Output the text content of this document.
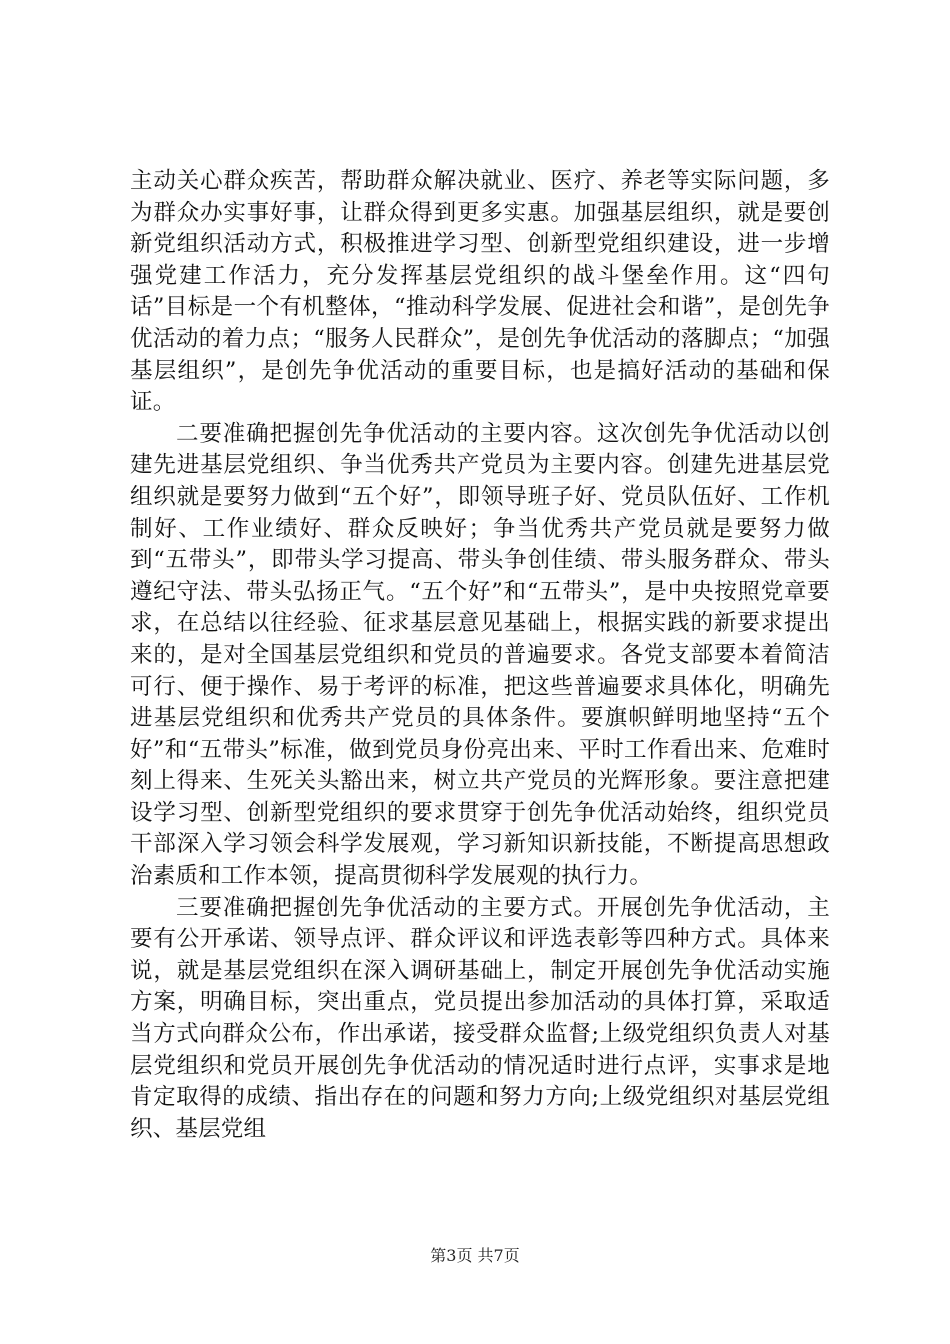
主动关心群众疾苦，帮助群众解决就业、医疗、养老等实际问题，多为群众办实事好事，让群众得到更多实惠。加强基层组织，就是要创新党组织活动方式，积极推进学习型、创新型党组织建设，进一步增强党建工作活力，充分发挥基层党组织的战斗堡垒作用。这“四句话”目标是一个有机整体，“推动科学发展、促进社会和谐”，是创先争优活动的着力点；“服务人民群众”，是创先争优活动的落脚点；“加强基层组织”，是创先争优活动的重要目标，也是搞好活动的基础和保证。

二要准确把握创先争优活动的主要内容。这次创先争优活动以创建先进基层党组织、争当优秀共产党员为主要内容。创建先进基层党组织就是要努力做到“五个好”，即领导班子好、党员队伍好、工作机制好、工作业绩好、群众反映好；争当优秀共产党员就是要努力做到“五带头”，即带头学习提高、带头争创佳绩、带头服务群众、带头遵纪守法、带头弘扬正气。“五个好”和“五带头”，是中央按照党章要求，在总结以往经验、征求基层意见基础上，根据实践的新要求提出来的，是对全国基层党组织和党员的普遍要求。各党支部要本着简洁可行、便于操作、易于考评的标准，把这些普遍要求具体化，明确先进基层党组织和优秀共产党员的具体条件。要旗帜鲜明地坚持“五个好”和“五带头”标准，做到党员身份亮出来、平时工作看出来、危难时刻上得来、生死关头豁出来，树立共产党员的光辉形象。要注意把建设学习型、创新型党组织的要求贯穿于创先争优活动始终，组织党员干部深入学习领会科学发展观，学习新知识新技能，不断提高思想政治素质和工作本领，提高贯彻科学发展观的执行力。

三要准确把握创先争优活动的主要方式。开展创先争优活动，主要有公开承诺、领导点评、群众评议和评选表彰等四种方式。具体来说，就是基层党组织在深入调研基础上，制定开展创先争优活动实施方案，明确目标，突出重点，党员提出参加活动的具体打算，采取适当方式向群众公布，作出承诺，接受群众监督;上级党组织负责人对基层党组织和党员开展创先争优活动的情况适时进行点评，实事求是地肯定取得的成绩、指出存在的问题和努力方向;上级党组织对基层党组织、基层党组

第3页 共7页
